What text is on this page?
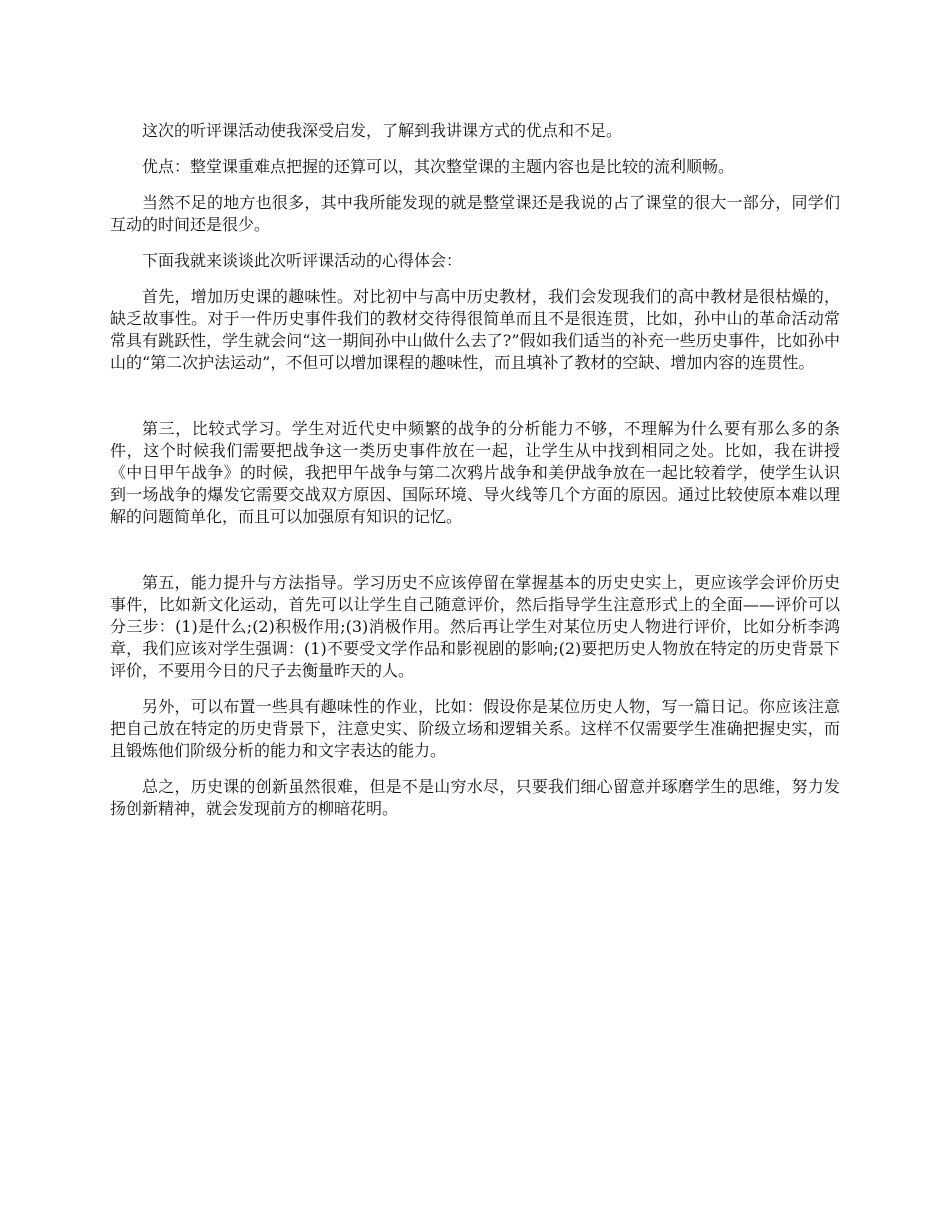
这次的听评课活动使我深受启发，了解到我讲课方式的优点和不足。

优点：整堂课重难点把握的还算可以，其次整堂课的主题内容也是比较的流利顺畅。

当然不足的地方也很多，其中我所能发现的就是整堂课还是我说的占了课堂的很大一部分，同学们互动的时间还是很少。

下面我就来谈谈此次听评课活动的心得体会：

首先，增加历史课的趣味性。对比初中与高中历史教材，我们会发现我们的高中教材是很枯燥的，缺乏故事性。对于一件历史事件我们的教材交待得很简单而且不是很连贯，比如，孙中山的革命活动常常具有跳跃性，学生就会问“这一期间孙中山做什么去了?”假如我们适当的补充一些历史事件，比如孙中山的“第二次护法运动”，不但可以增加课程的趣味性，而且填补了教材的空缺、增加内容的连贯性。

第三，比较式学习。学生对近代史中频繁的战争的分析能力不够，不理解为什么要有那么多的条件，这个时候我们需要把战争这一类历史事件放在一起，让学生从中找到相同之处。比如，我在讲授《中日甲午战争》的时候，我把甲午战争与第二次鸦片战争和美伊战争放在一起比较着学，使学生认识到一场战争的爆发它需要交战双方原因、国际环境、导火线等几个方面的原因。通过比较使原本难以理解的问题简单化，而且可以加强原有知识的记忆。

第五，能力提升与方法指导。学习历史不应该停留在掌握基本的历史史实上，更应该学会评价历史事件，比如新文化运动，首先可以让学生自己随意评价，然后指导学生注意形式上的全面——评价可以分三步：(1)是什么;(2)积极作用;(3)消极作用。然后再让学生对某位历史人物进行评价，比如分析李鸿章，我们应该对学生强调：(1)不要受文学作品和影视剧的影响;(2)要把历史人物放在特定的历史背景下评价，不要用今日的尺子去衡量昨天的人。

另外，可以布置一些具有趣味性的作业，比如：假设你是某位历史人物，写一篇日记。你应该注意把自己放在特定的历史背景下，注意史实、阶级立场和逻辑关系。这样不仅需要学生准确把握史实，而且锻炼他们阶级分析的能力和文字表达的能力。

总之，历史课的创新虽然很难，但是不是山穷水尽，只要我们细心留意并琢磨学生的思维，努力发扬创新精神，就会发现前方的柳暗花明。
